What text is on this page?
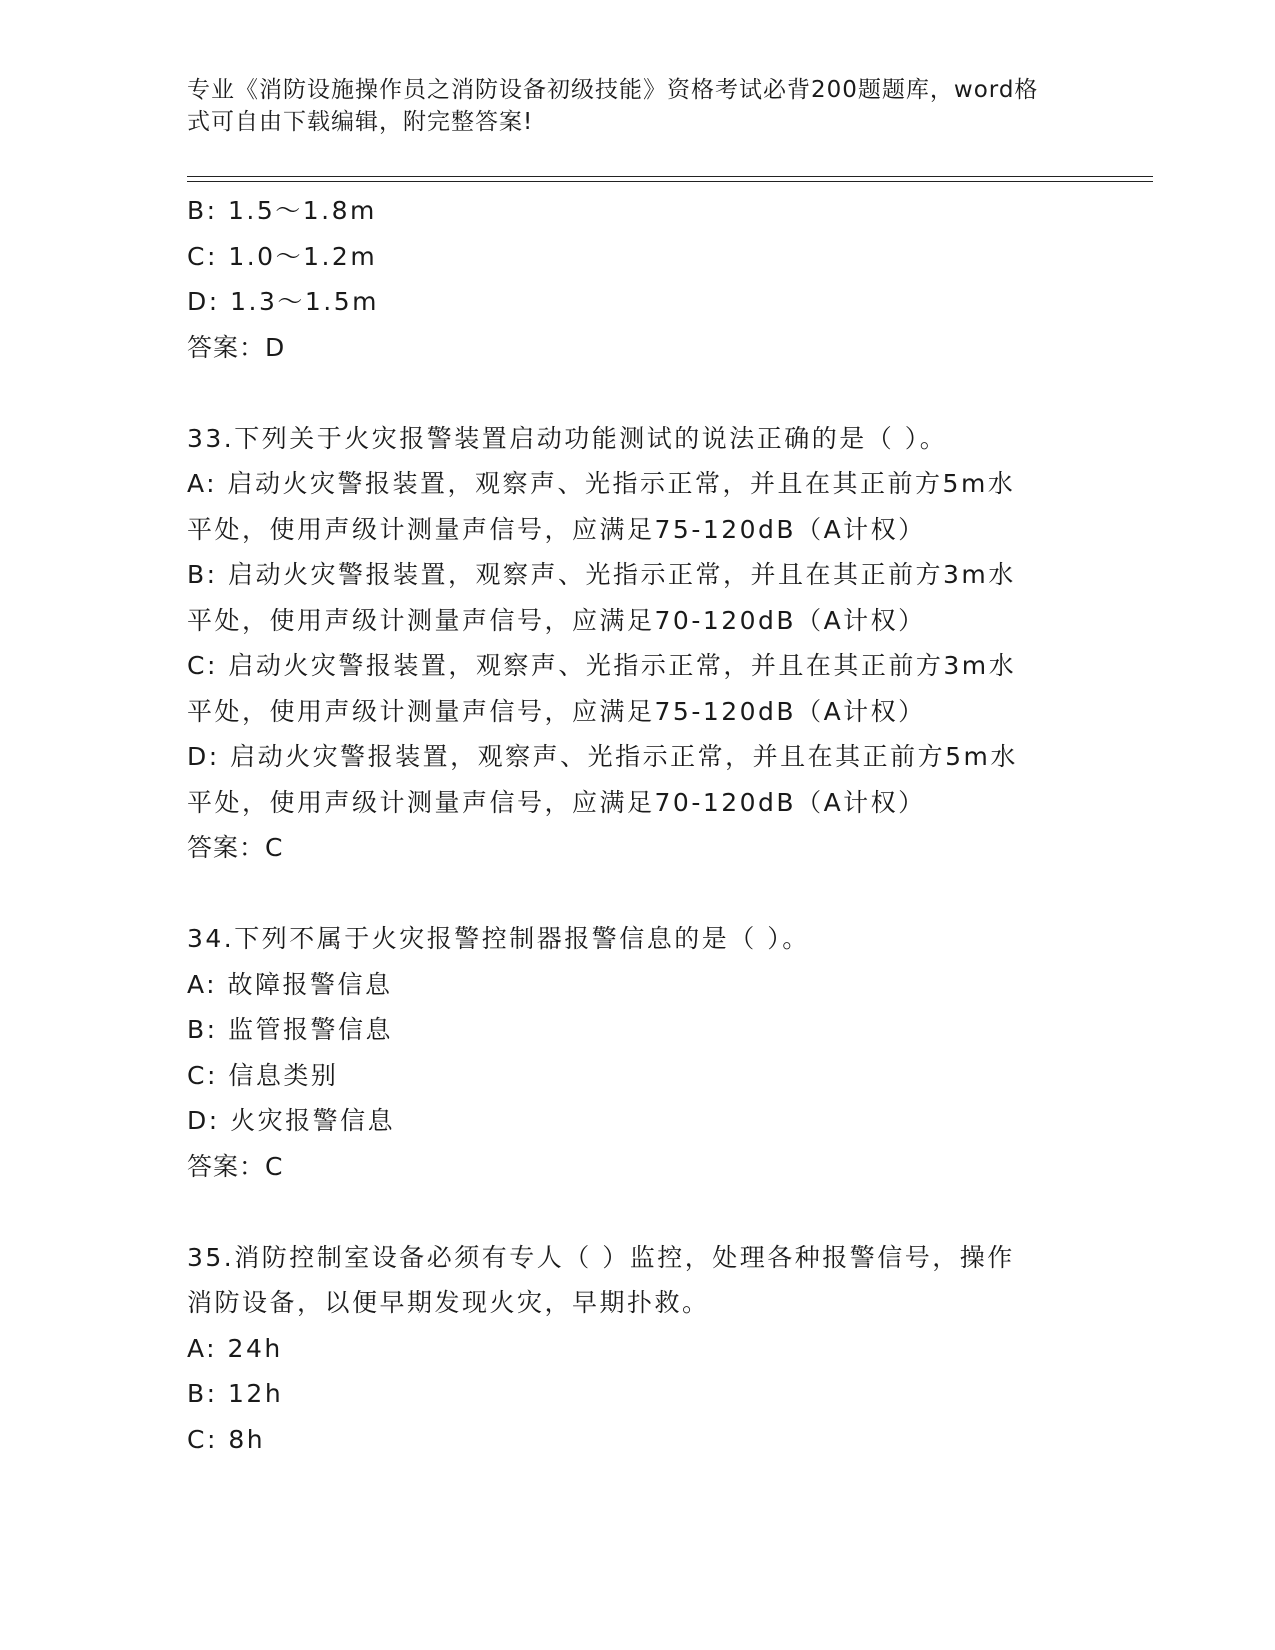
专业《消防设施操作员之消防设备初级技能》资格考试必背200题题库，word格
式可自由下载编辑，附完整答案!
B: 1.5～1.8m
C: 1.0～1.2m
D: 1.3～1.5m
答案：D
33.下列关于火灾报警装置启动功能测试的说法正确的是（ ）。
A: 启动火灾警报装置，观察声、光指示正常，并且在其正前方5m水
平处，使用声级计测量声信号，应满足75-120dB（A计权）
B: 启动火灾警报装置，观察声、光指示正常，并且在其正前方3m水
平处，使用声级计测量声信号，应满足70-120dB（A计权）
C: 启动火灾警报装置，观察声、光指示正常，并且在其正前方3m水
平处，使用声级计测量声信号，应满足75-120dB（A计权）
D: 启动火灾警报装置，观察声、光指示正常，并且在其正前方5m水
平处，使用声级计测量声信号，应满足70-120dB（A计权）
答案：C
34.下列不属于火灾报警控制器报警信息的是（ ）。
A: 故障报警信息
B: 监管报警信息
C: 信息类别
D: 火灾报警信息
答案：C
35.消防控制室设备必须有专人（ ）监控，处理各种报警信号，操作
消防设备，以便早期发现火灾，早期扑救。
A: 24h
B: 12h
C: 8h
